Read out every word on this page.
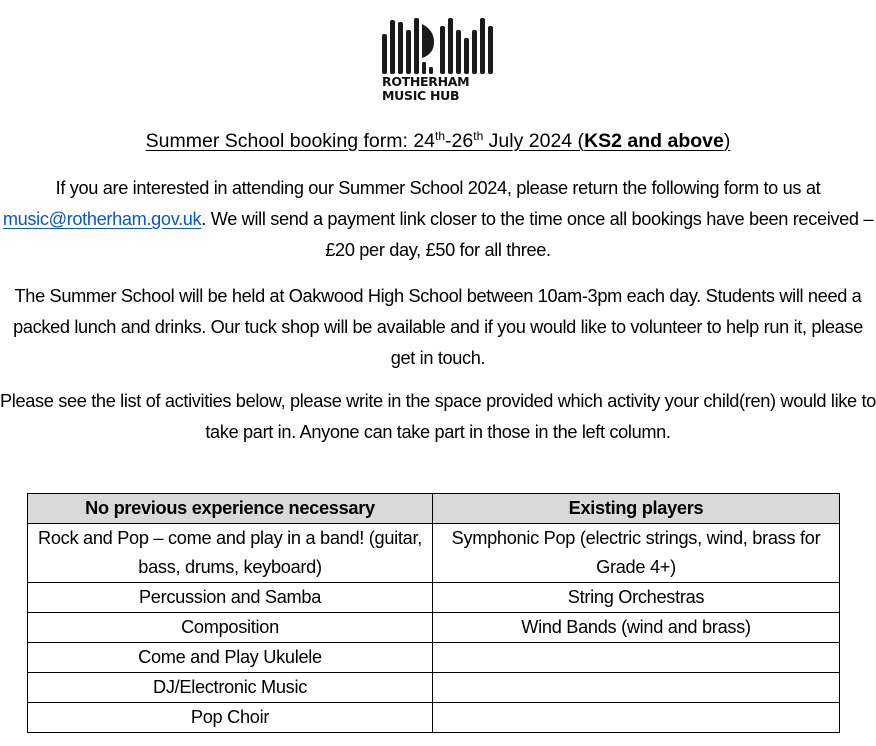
ROTHERHAM
MUSIC HUB
Summer School booking form: 24th-26th July 2024 (KS2 and above)
If you are interested in attending our Summer School 2024, please return the following form to us at music@rotherham.gov.uk. We will send a payment link closer to the time once all bookings have been received – £20 per day, £50 for all three.
The Summer School will be held at Oakwood High School between 10am-3pm each day. Students will need a packed lunch and drinks. Our tuck shop will be available and if you would like to volunteer to help run it, please get in touch.
Please see the list of activities below, please write in the space provided which activity your child(ren) would like to take part in. Anyone can take part in those in the left column.
No previous experience necessary	Existing players
Rock and Pop – come and play in a band! (guitar, bass, drums, keyboard)	Symphonic Pop (electric strings, wind, brass for Grade 4+)
Percussion and Samba	String Orchestras
Composition	Wind Bands (wind and brass)
Come and Play Ukulele	
DJ/Electronic Music	
Pop Choir	
